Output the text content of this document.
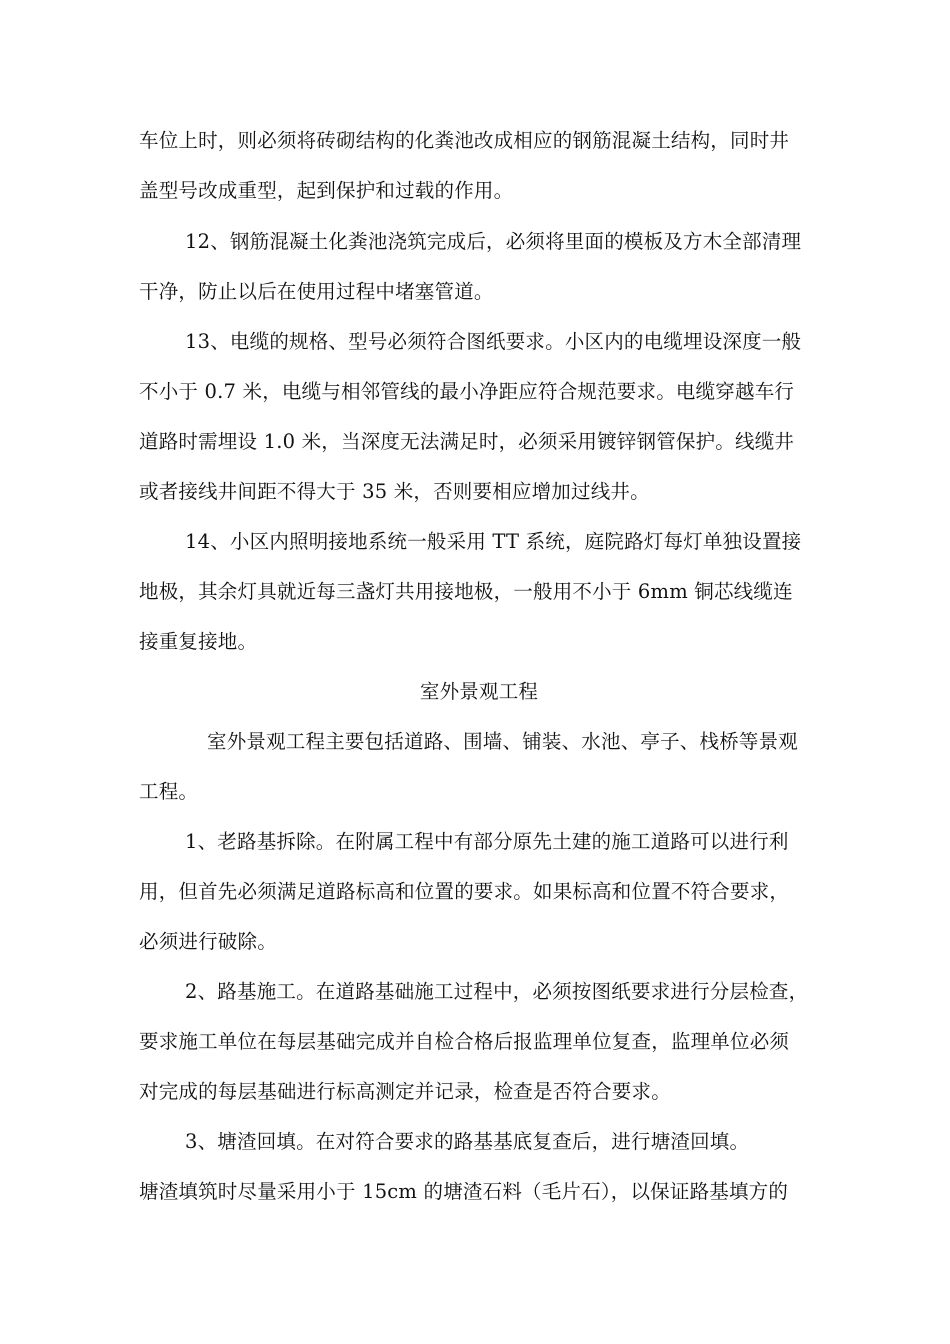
车位上时，则必须将砖砌结构的化粪池改成相应的钢筋混凝土结构，同时井
盖型号改成重型，起到保护和过载的作用。
12、钢筋混凝土化粪池浇筑完成后，必须将里面的模板及方木全部清理
干净，防止以后在使用过程中堵塞管道。
13、电缆的规格、型号必须符合图纸要求。小区内的电缆埋设深度一般
不小于 0.7 米，电缆与相邻管线的最小净距应符合规范要求。电缆穿越车行
道路时需埋设 1.0 米，当深度无法满足时，必须采用镀锌钢管保护。线缆井
或者接线井间距不得大于 35 米，否则要相应增加过线井。
14、小区内照明接地系统一般采用 TT 系统，庭院路灯每灯单独设置接
地极，其余灯具就近每三盏灯共用接地极，一般用不小于 6mm 铜芯线缆连
接重复接地。
室外景观工程
室外景观工程主要包括道路、围墙、铺装、水池、亭子、栈桥等景观
工程。
1、老路基拆除。在附属工程中有部分原先土建的施工道路可以进行利
用，但首先必须满足道路标高和位置的要求。如果标高和位置不符合要求，
必须进行破除。
2、路基施工。在道路基础施工过程中，必须按图纸要求进行分层检查，
要求施工单位在每层基础完成并自检合格后报监理单位复查，监理单位必须
对完成的每层基础进行标高测定并记录，检查是否符合要求。
3、塘渣回填。在对符合要求的路基基底复查后，进行塘渣回填。
塘渣填筑时尽量采用小于 15cm 的塘渣石料（毛片石），以保证路基填方的
